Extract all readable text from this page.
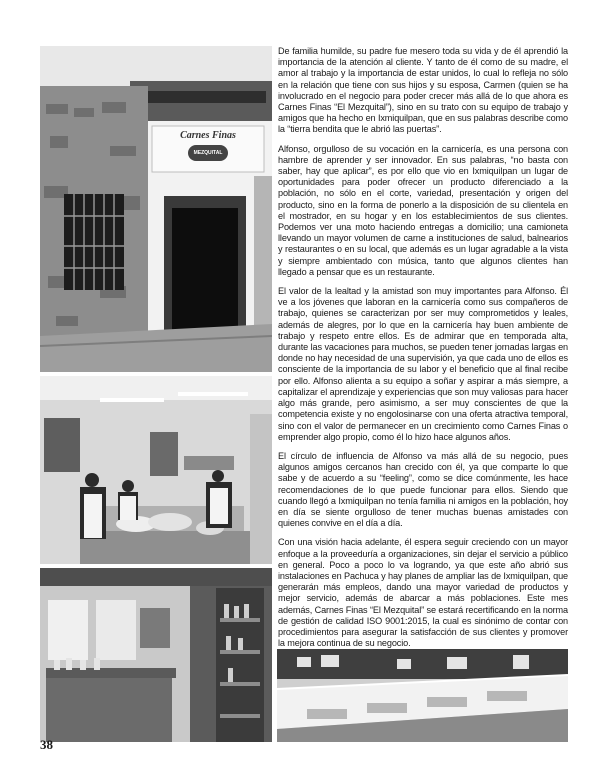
Carnes Finas
MEZQUITAL

De familia humilde, su padre fue mesero toda su vida y de él aprendió la importancia de la atención al cliente. Y tanto de él como de su madre, el amor al trabajo y la importancia de estar unidos, lo cual lo refleja no sólo en la relación que tiene con sus hijos y su esposa, Carmen (quien se ha involucrado en el negocio para poder crecer más allá de lo que ahora es Carnes Finas “El Mezquital”), sino en su trato con su equipo de trabajo y amigos que ha hecho en Ixmiquilpan, que en sus palabras describe como la “tierra bendita que le abrió las puertas”.

Alfonso, orgulloso de su vocación en la carnicería, es una persona con hambre de aprender y ser innovador. En sus palabras, “no basta con saber, hay que aplicar”, es por ello que vio en Ixmiquilpan un lugar de oportunidades para poder ofrecer un producto diferenciado a la población, no sólo en el corte, variedad, presentación y origen del producto, sino en la forma de ponerlo a la disposición de su clientela en el mostrador, en su hogar y en los establecimientos de sus clientes. Podemos ver una moto haciendo entregas a domicilio; una camioneta llevando un mayor volumen de carne a instituciones de salud, balnearios y restaurantes o en su local, que además es un lugar agradable a la vista y siempre ambientado con música, tanto que algunos clientes han llegado a pensar que es un restaurante.

El valor de la lealtad y la amistad son muy importantes para Alfonso. Él ve a los jóvenes que laboran en la carnicería como sus compañeros de trabajo, quienes se caracterizan por ser muy comprometidos y leales, además de alegres, por lo que en la carnicería hay buen ambiente de trabajo y respeto entre ellos. Es de admirar que en temporada alta, durante las vacaciones para muchos, se pueden tener jornadas largas en donde no hay necesidad de una supervisión, ya que cada uno de ellos es consciente de la importancia de su labor y el beneficio que al final recibe por ello. Alfonso alienta a su equipo a soñar y aspirar a más siempre, a capitalizar el aprendizaje y experiencias que son muy valiosas para hacer algo más grande, pero asimismo, a ser muy conscientes de que la competencia existe y no engolosinarse con una oferta atractiva temporal, sino con el valor de permanecer en un crecimiento como Carnes Finas o emprender algo propio, como él lo hizo hace algunos años.

El círculo de influencia de Alfonso va más allá de su negocio, pues algunos amigos cercanos han crecido con él, ya que comparte lo que sabe y de acuerdo a su “feeling”, como se dice comúnmente, les hace recomendaciones de lo que puede funcionar para ellos. Siendo que cuando llegó a Ixmiquilpan no tenía familia ni amigos en la población, hoy en día se siente orgulloso de tener muchas buenas amistades con quienes convive en el día a día.

Con una visión hacia adelante, él espera seguir creciendo con un mayor enfoque a la proveeduría a organizaciones, sin dejar el servicio a público en general. Poco a poco lo va logrando, ya que este año abrió sus instalaciones en Pachuca y hay planes de ampliar las de Ixmiquilpan, que generarán más empleos, dando una mayor variedad de productos y mejor servicio, además de abarcar a más poblaciones. Este mes además, Carnes Finas “El Mezquital” se estará recertificando en la norma de gestión de calidad ISO 9001:2015, la cual es sinónimo de contar con procedimientos para asegurar la satisfacción de sus clientes y promover la mejora continua de su negocio.

38
